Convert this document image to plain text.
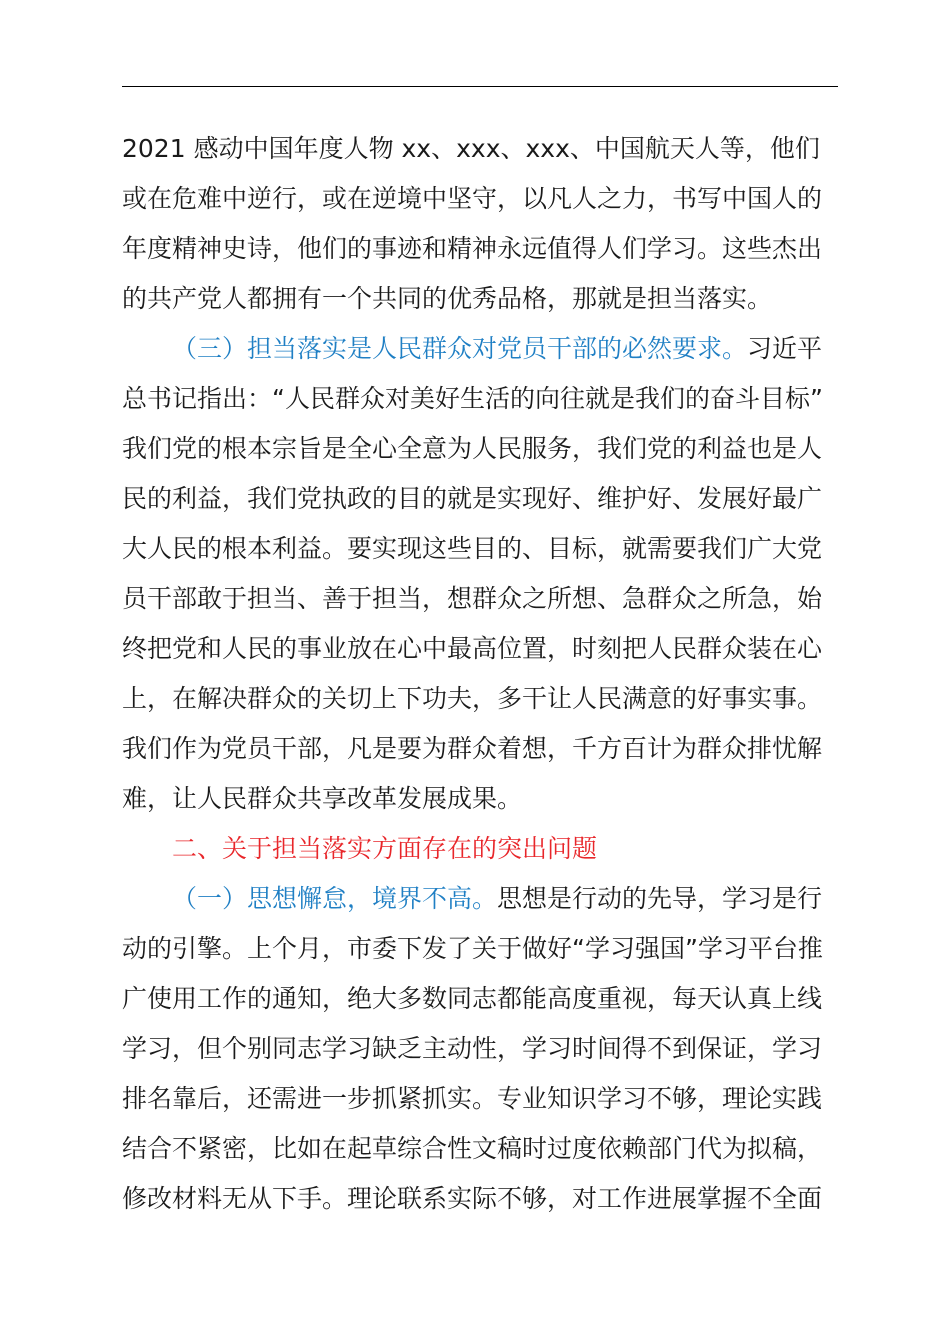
2021 感动中国年度人物 xx、xxx、xxx、中国航天人等，他们
或在危难中逆行，或在逆境中坚守，以凡人之力，书写中国人的
年度精神史诗，他们的事迹和精神永远值得人们学习。这些杰出
的共产党人都拥有一个共同的优秀品格，那就是担当落实。

（三）担当落实是人民群众对党员干部的必然要求。习近平
总书记指出：“人民群众对美好生活的向往就是我们的奋斗目标”
我们党的根本宗旨是全心全意为人民服务，我们党的利益也是人
民的利益，我们党执政的目的就是实现好、维护好、发展好最广
大人民的根本利益。要实现这些目的、目标，就需要我们广大党
员干部敢于担当、善于担当，想群众之所想、急群众之所急，始
终把党和人民的事业放在心中最高位置，时刻把人民群众装在心
上，在解决群众的关切上下功夫，多干让人民满意的好事实事。
我们作为党员干部，凡是要为群众着想，千方百计为群众排忧解
难，让人民群众共享改革发展成果。

二、关于担当落实方面存在的突出问题

（一）思想懈怠，境界不高。思想是行动的先导，学习是行
动的引擎。上个月，市委下发了关于做好“学习强国”学习平台推
广使用工作的通知，绝大多数同志都能高度重视，每天认真上线
学习，但个别同志学习缺乏主动性，学习时间得不到保证，学习
排名靠后，还需进一步抓紧抓实。专业知识学习不够，理论实践
结合不紧密，比如在起草综合性文稿时过度依赖部门代为拟稿，
修改材料无从下手。理论联系实际不够，对工作进展掌握不全面
